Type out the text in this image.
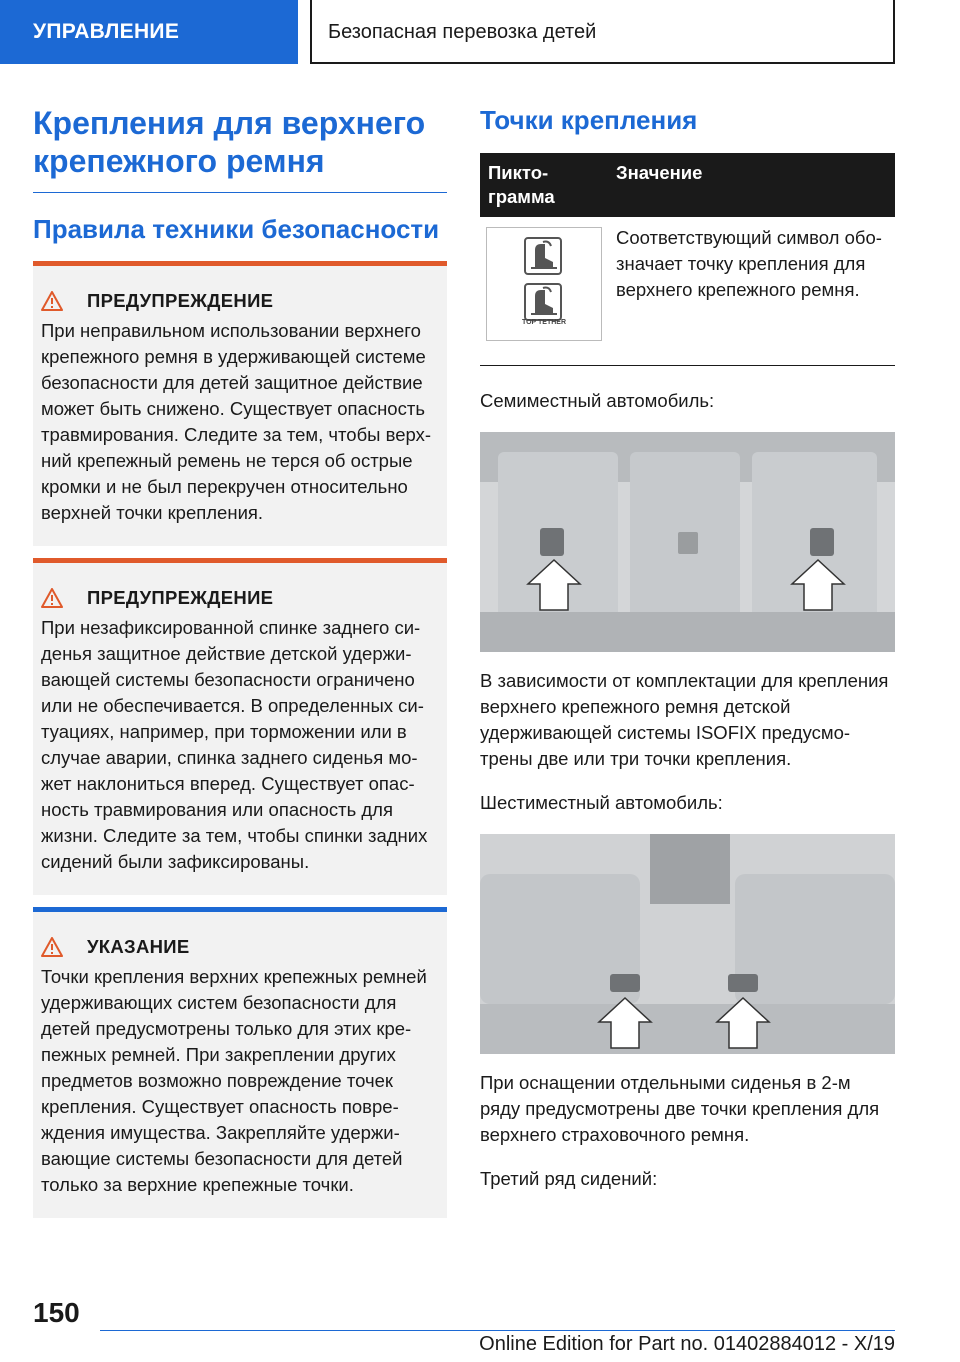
УПРАВЛЕНИЕ	Безопасная перевозка детей
Крепления для верхнего
крепежного ремня
Правила техники безопасности
ПРЕДУПРЕЖДЕНИЕ
При неправильном использовании верхнего крепежного ремня в удерживающей системе безопасности для детей защитное действие может быть снижено. Существует опасность травмирования. Следите за тем, чтобы верхний крепежный ремень не терся об острые кромки и не был перекручен относительно верхней точки крепления.
ПРЕДУПРЕЖДЕНИЕ
При незафиксированной спинке заднего сиденья защитное действие детской удерживающей системы безопасности ограничено или не обеспечивается. В определенных ситуациях, например, при торможении или в случае аварии, спинка заднего сиденья может наклониться вперед. Существует опасность травмирования или опасность для жизни. Следите за тем, чтобы спинки задних сидений были зафиксированы.
УКАЗАНИЕ
Точки крепления верхних крепежных ремней удерживающих систем безопасности для детей предусмотрены только для этих крепежных ремней. При закреплении других предметов возможно повреждение точек крепления. Существует опасность повреждения имущества. Закрепляйте удерживающие системы безопасности для детей только за верхние крепежные точки.
Точки крепления
Пиктограмма	Значение

TOP TETHER	Соответствующий символ обозначает точку крепления для верхнего крепежного ремня.

Семиместный автомобиль:

В зависимости от комплектации для крепления верхнего крепежного ремня детской удерживающей системы ISOFIX предусмотрены две или три точки крепления.

Шестиместный автомобиль:

При оснащении отдельными сиденья в 2-м ряду предусмотрены две точки крепления для верхнего страховочного ремня.

Третий ряд сидений:

150
Online Edition for Part no. 01402884012 - X/19
